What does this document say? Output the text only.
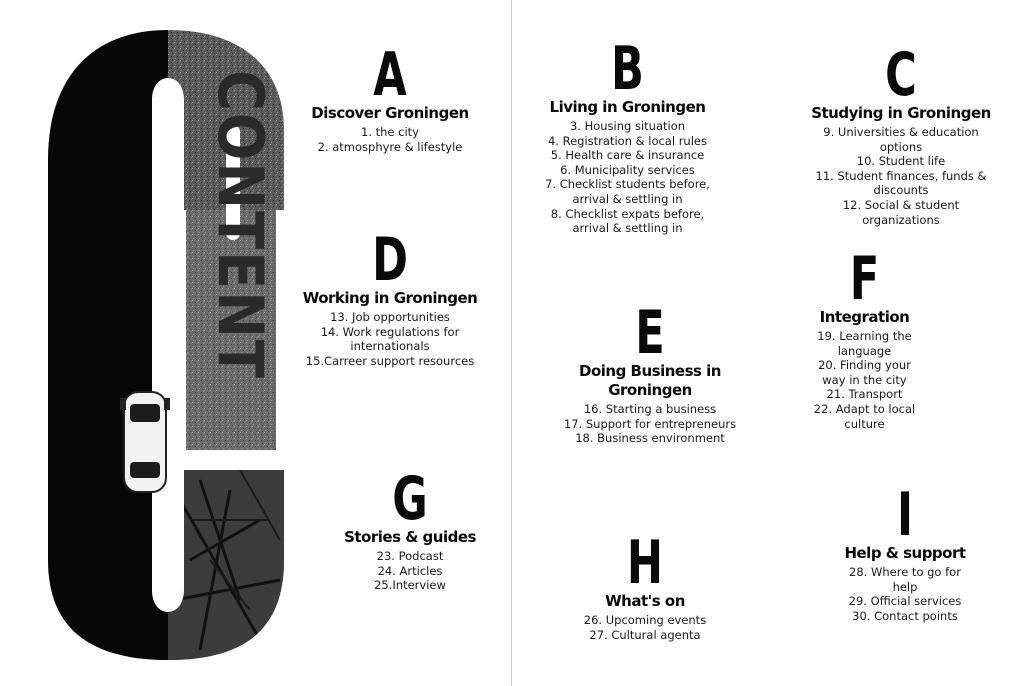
CONTENT	A
Discover Groningen
1. the city
2. atmosphyre & lifestyle
B
Living in Groningen
3. Housing situation
4. Registration & local rules
5. Health care & insurance
6. Municipality services
7. Checklist students before, arrival & settling in
8. Checklist expats before, arrival & settling in
C
Studying in Groningen
9. Universities & education options
10. Student life
11. Student finances, funds & discounts
12. Social & student organizations
D
Working in Groningen
13. Job opportunities
14. Work regulations for internationals
15.Carreer support resources	E
Doing Business in Groningen
16. Starting a business
17. Support for entrepreneurs
18. Business environment
F
Integration
19. Learning the language
20. Finding your way in the city
21. Transport
22. Adapt to local culture
G
Stories & guides
23. Podcast
24. Articles
25.Interview	H
What's on
26. Upcoming events
27. Cultural agenta
I
Help & support
28. Where to go for help
29. Official services
30. Contact points
